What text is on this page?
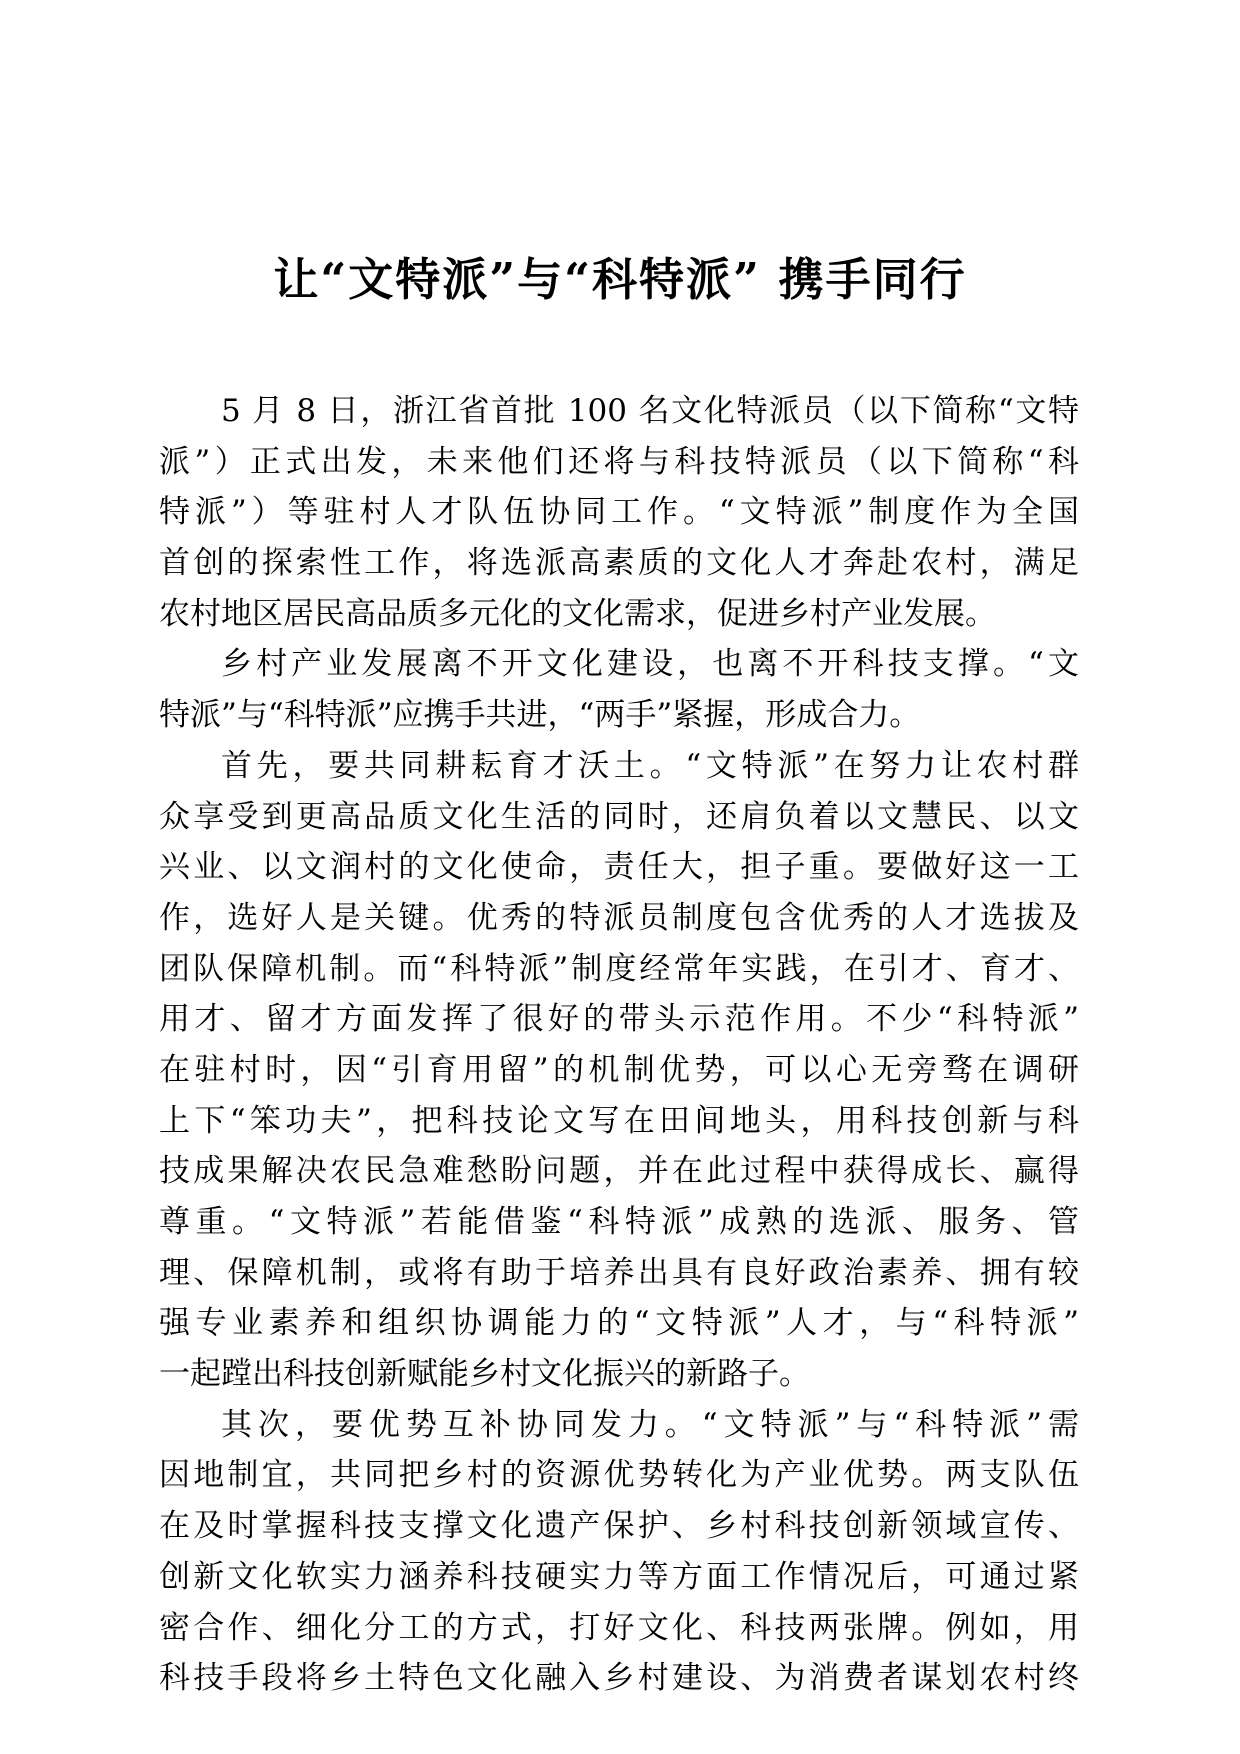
让“文特派”与“科特派” 携手同行
5 月 8 日，浙江省首批 100 名文化特派员（以下简称“文特
派”）正式出发，未来他们还将与科技特派员（以下简称“科
特派”）等驻村人才队伍协同工作。“文特派”制度作为全国
首创的探索性工作，将选派高素质的文化人才奔赴农村，满足
农村地区居民高品质多元化的文化需求，促进乡村产业发展。
乡村产业发展离不开文化建设，也离不开科技支撑。“文
特派”与“科特派”应携手共进，“两手”紧握，形成合力。
首先，要共同耕耘育才沃土。“文特派”在努力让农村群
众享受到更高品质文化生活的同时，还肩负着以文慧民、以文
兴业、以文润村的文化使命，责任大，担子重。要做好这一工
作，选好人是关键。优秀的特派员制度包含优秀的人才选拔及
团队保障机制。而“科特派”制度经常年实践，在引才、育才、
用才、留才方面发挥了很好的带头示范作用。不少“科特派”
在驻村时，因“引育用留”的机制优势，可以心无旁骛在调研
上下“笨功夫”，把科技论文写在田间地头，用科技创新与科
技成果解决农民急难愁盼问题，并在此过程中获得成长、赢得
尊重。“文特派”若能借鉴“科特派”成熟的选派、服务、管
理、保障机制，或将有助于培养出具有良好政治素养、拥有较
强专业素养和组织协调能力的“文特派”人才，与“科特派”
一起蹚出科技创新赋能乡村文化振兴的新路子。
其次，要优势互补协同发力。“文特派”与“科特派”需
因地制宜，共同把乡村的资源优势转化为产业优势。两支队伍
在及时掌握科技支撑文化遗产保护、乡村科技创新领域宣传、
创新文化软实力涵养科技硬实力等方面工作情况后，可通过紧
密合作、细化分工的方式，打好文化、科技两张牌。例如，用
科技手段将乡土特色文化融入乡村建设、为消费者谋划农村终
